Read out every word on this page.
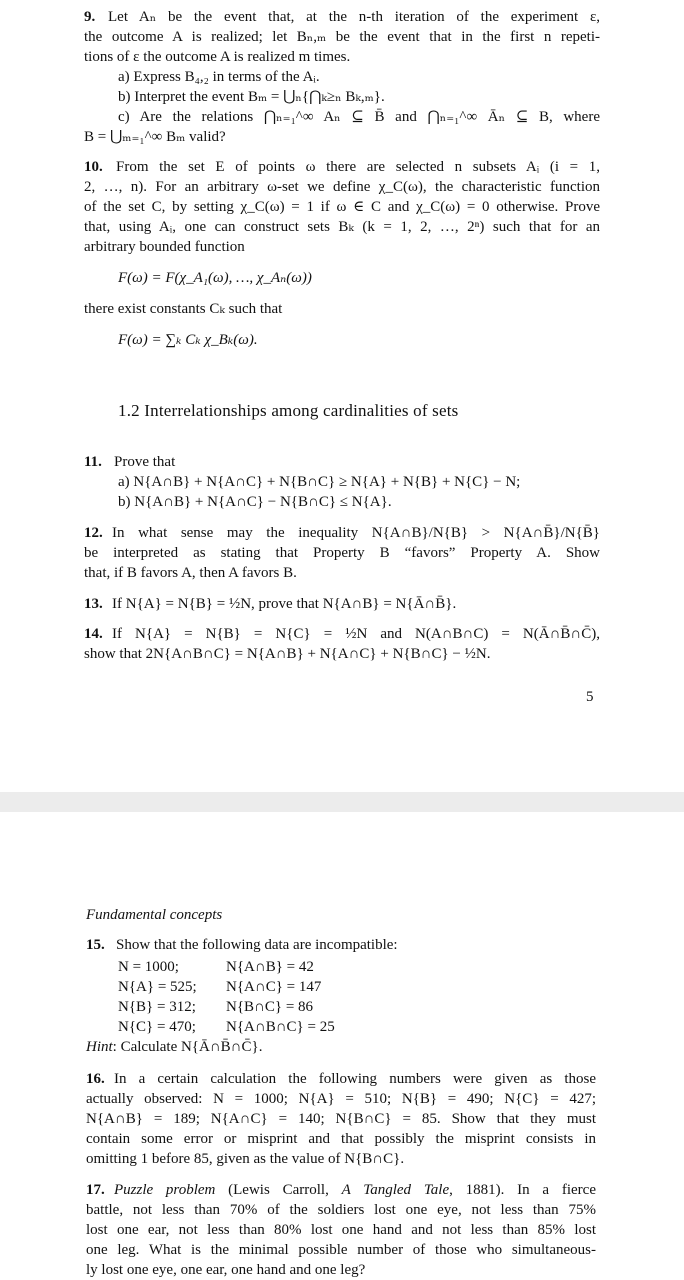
9. Let Aₙ be the event that, at the n-th iteration of the experiment ε,
the outcome A is realized; let Bₙ,ₘ be the event that in the first n repeti-
tions of ε the outcome A is realized m times.
a) Express B₄,₂ in terms of the Aᵢ.
b) Interpret the event Bₘ = ⋃ₙ{⋂ₖ≥ₙ Bₖ,ₘ}.
c) Are the relations ⋂ₙ₌₁^∞ Aₙ ⊆ B̄ and ⋂ₙ₌₁^∞ Āₙ ⊆ B, where
B = ⋃ₘ₌₁^∞ Bₘ valid?
10. From the set E of points ω there are selected n subsets Aᵢ (i = 1,
2, …, n). For an arbitrary ω-set we define χ_C(ω), the characteristic function
of the set C, by setting χ_C(ω) = 1 if ω ∈ C and χ_C(ω) = 0 otherwise. Prove
that, using Aᵢ, one can construct sets Bₖ (k = 1, 2, …, 2ⁿ) such that for an
arbitrary bounded function
F(ω) = F(χ_A₁(ω), …, χ_Aₙ(ω))
there exist constants Cₖ such that
F(ω) = ∑ₖ Cₖ χ_Bₖ(ω).
1.2 Interrelationships among cardinalities of sets
11. Prove that
a) N{A∩B} + N{A∩C} + N{B∩C} ≥ N{A} + N{B} + N{C} − N;
b) N{A∩B} + N{A∩C} − N{B∩C} ≤ N{A}.
12. In what sense may the inequality N{A∩B}/N{B} > N{A∩B̄}/N{B̄}
be interpreted as stating that Property B “favors” Property A. Show
that, if B favors A, then A favors B.
13. If N{A} = N{B} = ½N, prove that N{A∩B} = N{Ā∩B̄}.
14. If N{A} = N{B} = N{C} = ½N and N(A∩B∩C) = N(Ā∩B̄∩C̄),
show that 2N{A∩B∩C} = N{A∩B} + N{A∩C} + N{B∩C} − ½N.
5
Fundamental concepts
15. Show that the following data are incompatible:
N = 1000;	N{A∩B} = 42
N{A} = 525; N{A∩C} = 147
N{B} = 312; N{B∩C} = 86
N{C} = 470; N{A∩B∩C} = 25
Hint: Calculate N{Ā∩B̄∩C̄}.
16. In a certain calculation the following numbers were given as those
actually observed: N = 1000; N{A} = 510; N{B} = 490; N{C} = 427;
N{A∩B} = 189; N{A∩C} = 140; N{B∩C} = 85. Show that they must
contain some error or misprint and that possibly the misprint consists in
omitting 1 before 85, given as the value of N{B∩C}.
17. Puzzle problem (Lewis Carroll, A Tangled Tale, 1881). In a fierce
battle, not less than 70% of the soldiers lost one eye, not less than 75%
lost one ear, not less than 80% lost one hand and not less than 85% lost
one leg. What is the minimal possible number of those who simultaneous-
ly lost one eye, one ear, one hand and one leg?
